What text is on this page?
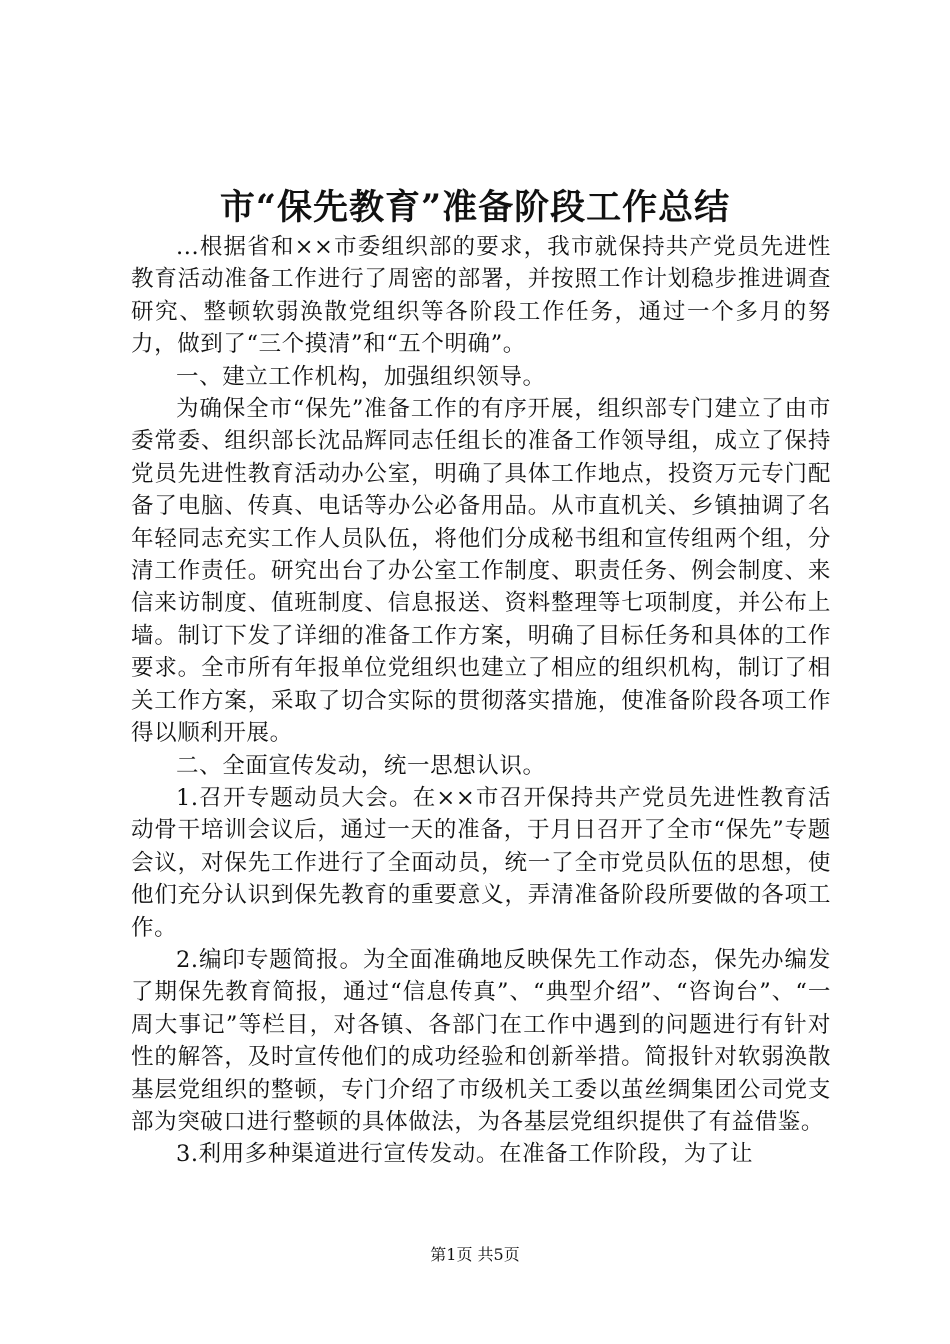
市“保先教育”准备阶段工作总结

...根据省和××市委组织部的要求，我市就保持共产党员先进性教育活动准备工作进行了周密的部署，并按照工作计划稳步推进调查研究、整顿软弱涣散党组织等各阶段工作任务，通过一个多月的努力，做到了“三个摸清”和“五个明确”。

一、建立工作机构，加强组织领导。

为确保全市“保先”准备工作的有序开展，组织部专门建立了由市委常委、组织部长沈品辉同志任组长的准备工作领导组，成立了保持党员先进性教育活动办公室，明确了具体工作地点，投资万元专门配备了电脑、传真、电话等办公必备用品。从市直机关、乡镇抽调了名年轻同志充实工作人员队伍，将他们分成秘书组和宣传组两个组，分清工作责任。研究出台了办公室工作制度、职责任务、例会制度、来信来访制度、值班制度、信息报送、资料整理等七项制度，并公布上墙。制订下发了详细的准备工作方案，明确了目标任务和具体的工作要求。全市所有年报单位党组织也建立了相应的组织机构，制订了相关工作方案，采取了切合实际的贯彻落实措施，使准备阶段各项工作得以顺利开展。

二、全面宣传发动，统一思想认识。

1.召开专题动员大会。在××市召开保持共产党员先进性教育活动骨干培训会议后，通过一天的准备，于月日召开了全市“保先”专题会议，对保先工作进行了全面动员，统一了全市党员队伍的思想，使他们充分认识到保先教育的重要意义，弄清准备阶段所要做的各项工作。

2.编印专题简报。为全面准确地反映保先工作动态，保先办编发了期保先教育简报，通过“信息传真”、“典型介绍”、“咨询台”、“一周大事记”等栏目，对各镇、各部门在工作中遇到的问题进行有针对性的解答，及时宣传他们的成功经验和创新举措。简报针对软弱涣散基层党组织的整顿，专门介绍了市级机关工委以茧丝绸集团公司党支部为突破口进行整顿的具体做法，为各基层党组织提供了有益借鉴。

3.利用多种渠道进行宣传发动。在准备工作阶段，为了让

第1页 共5页
